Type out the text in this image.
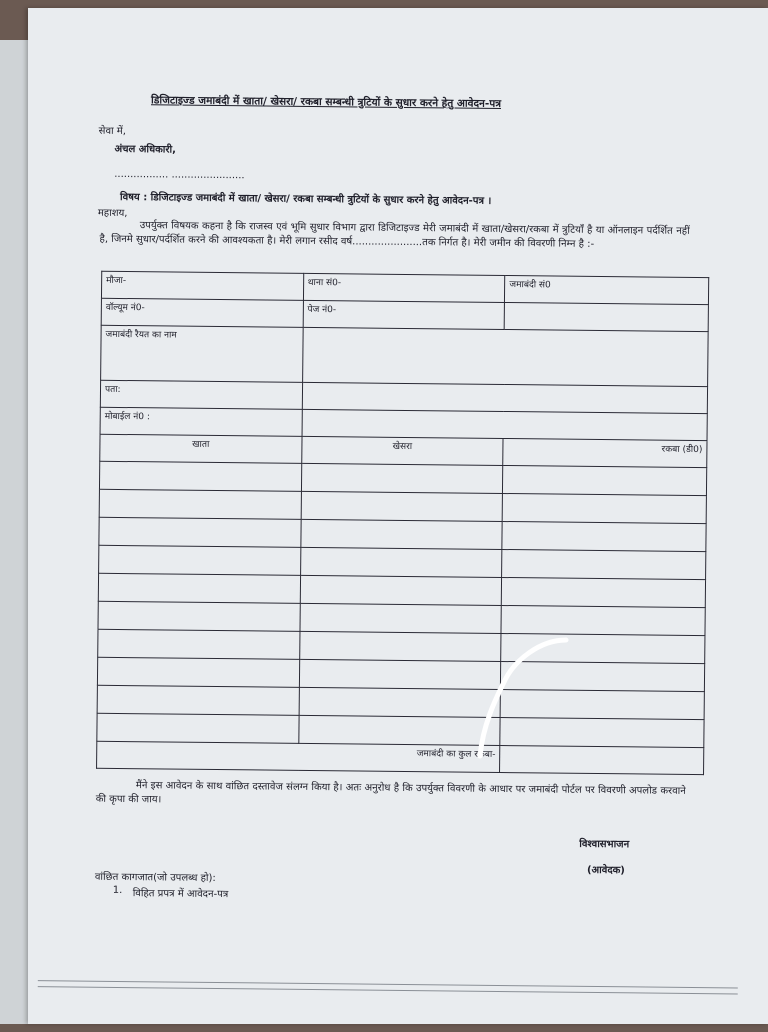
डिजिटाइज्ड जमाबंदी में खाता/ खेसरा/ रकबा सम्बन्धी त्रुटियों के सुधार करने हेतु आवेदन-पत्र
सेवा में,
अंचल अधिकारी,
................. .......................
विषय : डिजिटाइज्ड जमाबंदी में खाता/ खेसरा/ रकबा सम्बन्धी त्रुटियों के सुधार करने हेतु आवेदन-पत्र ।
महाशय,
उपर्युक्त विषयक कहना है कि राजस्व एवं भूमि सुधार विभाग द्वारा डिजिटाइज्ड मेरी जमाबंदी में खाता/खेसरा/रकबा में त्रुटियाँ है या ऑनलाइन पर्दर्शित नहीं है, जिनमे सुधार/पर्दर्शित करने की आवश्यकता है। मेरी लगान रसीद वर्ष......................तक निर्गत है। मेरी जमीन की विवरणी निम्न है :-
मौजा-	थाना सं0-	जमाबंदी सं0
वॉल्यूम नं0-	पेज नं0-	
जमाबंदी रैयत का नाम		
पता:		
मोबाईल नं0 :		
खाता	खेसरा	रकबा (डी0)

जमाबंदी का कुल रकबा-		
मैंने इस आवेदन के साथ वांछित दस्तावेज संलग्न किया है। अतः अनुरोध है कि उपर्युक्त विवरणी के आधार पर जमाबंदी पोर्टल पर विवरणी अपलोड करवाने की कृपा की जाय।
विश्वासभाजन
(आवेदक)
वांछित कागजात(जो उपलब्ध हो):
1. विहित प्रपत्र में आवेदन-पत्र
